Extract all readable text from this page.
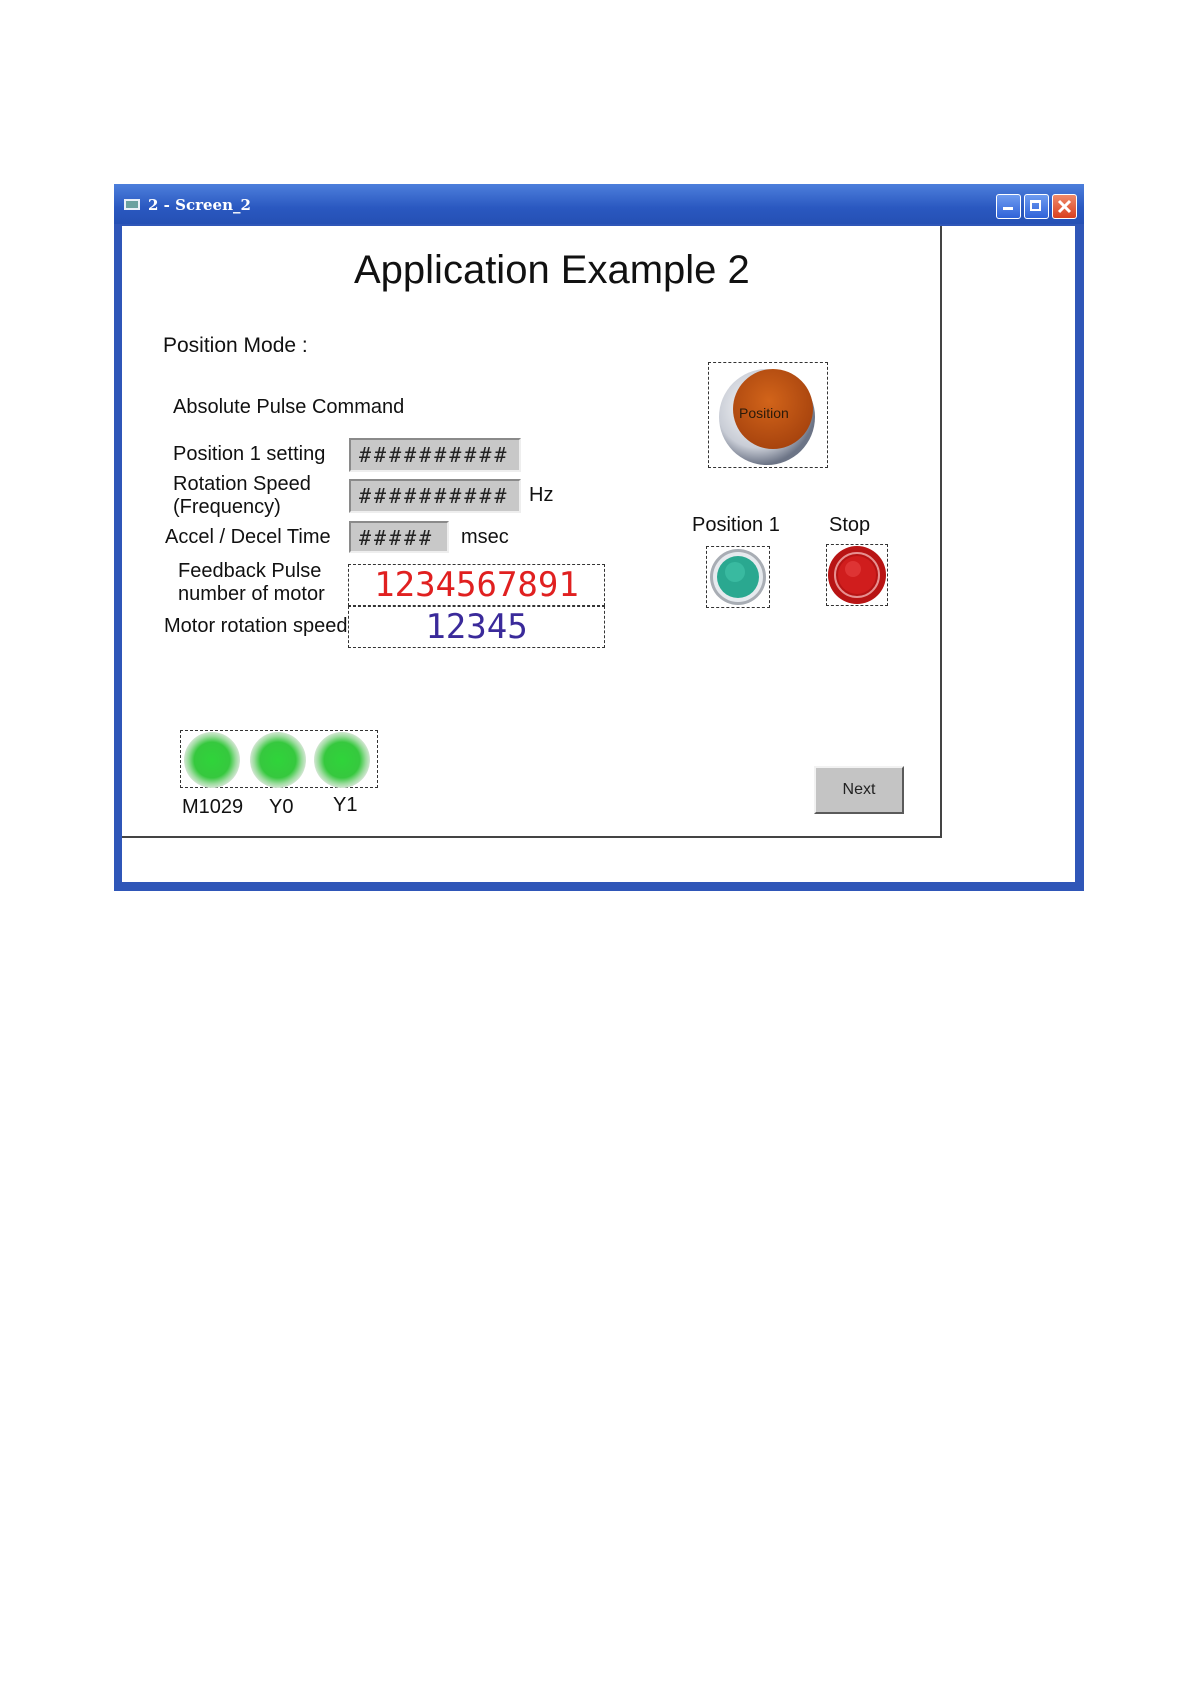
2 - Screen_2
Application Example 2
Position Mode :
Absolute Pulse Command
Position 1 setting	##########
Rotation Speed
(Frequency)	########## Hz
Accel / Decel Time	#####	msec
Feedback Pulse
number of motor	1234567891
Motor rotation speed	12345
Position
Position 1 Stop
M1029 Y0 Y1
Next
